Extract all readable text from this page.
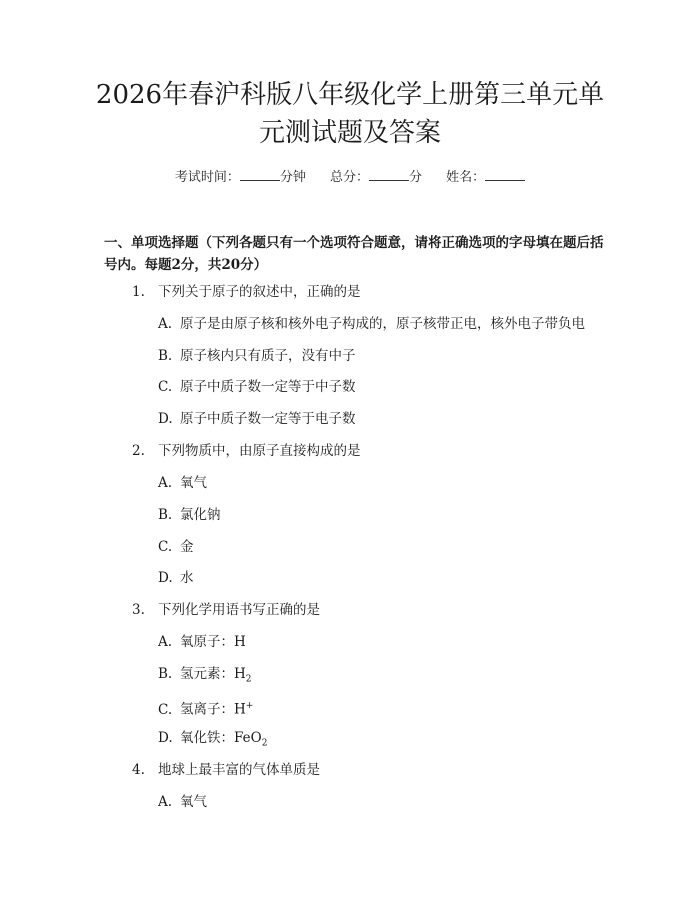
2026年春沪科版八年级化学上册第三单元单元测试题及答案
考试时间：	分钟 总分：	分 姓名：
一、单项选择题（下列各题只有一个选项符合题意，请将正确选项的字母填在题后括号内。每题2分，共20分）
1. 下列关于原子的叙述中，正确的是
A. 原子是由原子核和核外电子构成的，原子核带正电，核外电子带负电
B. 原子核内只有质子，没有中子
C. 原子中质子数一定等于中子数
D. 原子中质子数一定等于电子数
2. 下列物质中，由原子直接构成的是
A. 氧气
B. 氯化钠
C. 金
D. 水
3. 下列化学用语书写正确的是
A. 氧原子：H
B. 氢元素：$H_2$
C. 氢离子：H+
D. 氧化铁：FeO$_2$
4. 地球上最丰富的气体单质是
A. 氧气
